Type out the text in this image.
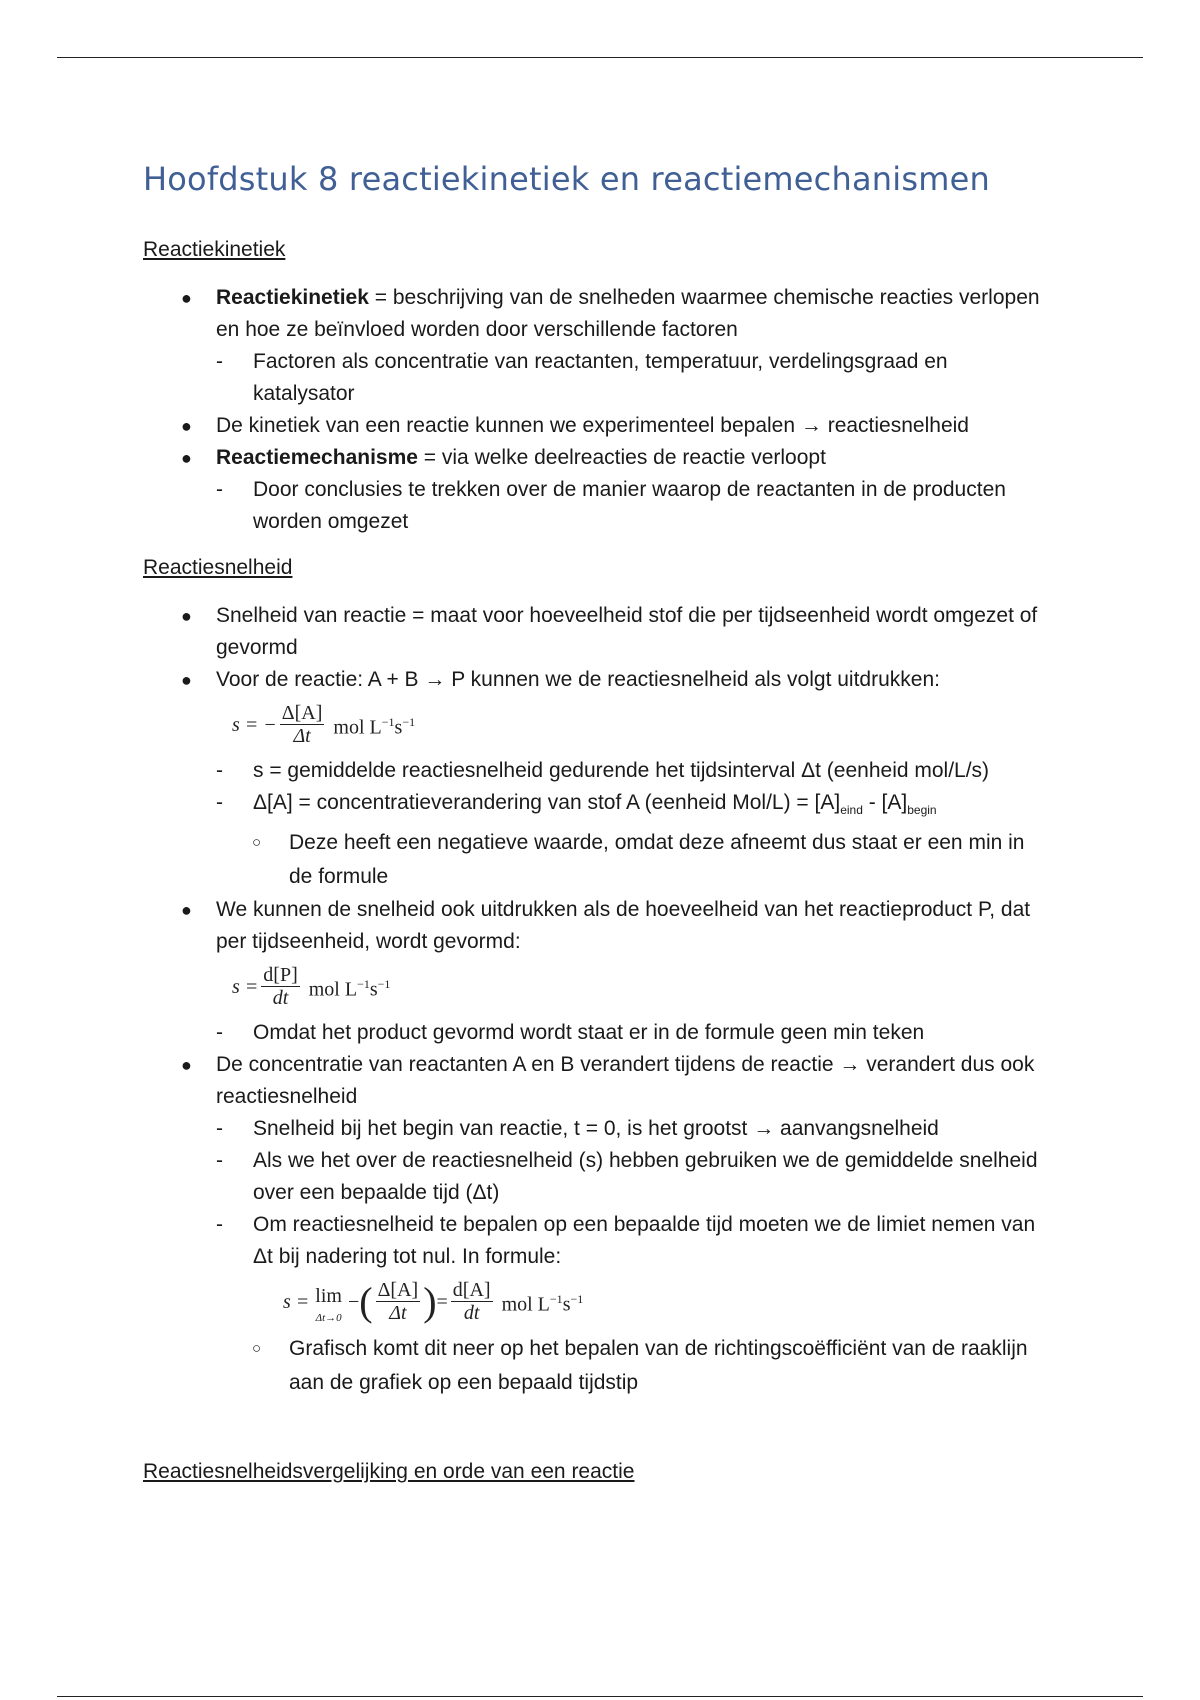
Hoofdstuk 8 reactiekinetiek en reactiemechanismen
Reactiekinetiek
● Reactiekinetiek = beschrijving van de snelheden waarmee chemische reacties verlopen en hoe ze beïnvloed worden door verschillende factoren
- Factoren als concentratie van reactanten, temperatuur, verdelingsgraad en katalysator
● De kinetiek van een reactie kunnen we experimenteel bepalen → reactiesnelheid
● Reactiemechanisme = via welke deelreacties de reactie verloopt
- Door conclusies te trekken over de manier waarop de reactanten in de producten worden omgezet
Reactiesnelheid
● Snelheid van reactie = maat voor hoeveelheid stof die per tijdseenheid wordt omgezet of gevormd
● Voor de reactie: A + B → P kunnen we de reactiesnelheid als volgt uitdrukken:
s = − $\frac{\Delta[A]}{\Delta t}$ mol $L^{-1}s^{-1}$
- s = gemiddelde reactiesnelheid gedurende het tijdsinterval Δt (eenheid mol/L/s)
- Δ[A] = concentratieverandering van stof A (eenheid $Mol/L) = [A]_{eind} - [A]_{begin}$
○ Deze heeft een negatieve waarde, omdat deze afneemt dus staat er een min in de formule
● We kunnen de snelheid ook uitdrukken als de hoeveelheid van het reactieproduct P, dat per tijdseenheid, wordt gevormd:
$s = \frac{d[P]}{dt}$ mol $L^{-1}s^{-1}$
- Omdat het product gevormd wordt staat er in de formule geen min teken
● De concentratie van reactanten A en B verandert tijdens de reactie → verandert dus ook reactiesnelheid
- Snelheid bij het begin van reactie, t = 0, is het grootst → aanvangsnelheid
- Als we het over de reactiesnelheid (s) hebben gebruiken we de gemiddelde snelheid over een bepaalde tijd (Δt)
- Om reactiesnelheid te bepalen op een bepaalde tijd moeten we de limiet nemen van Δt bij nadering tot nul. In formule:
s = lim
Δt→0
− ( $\frac{\Delta[A]}{\Delta t}$ ) = $\frac{d[A]}{dt}$ mol $L^{-1}s^{-1}$
○ Grafisch komt dit neer op het bepalen van de richtingscoëfficiënt van de raaklijn aan de grafiek op een bepaald tijdstip
Reactiesnelheidsvergelijking en orde van een reactie
